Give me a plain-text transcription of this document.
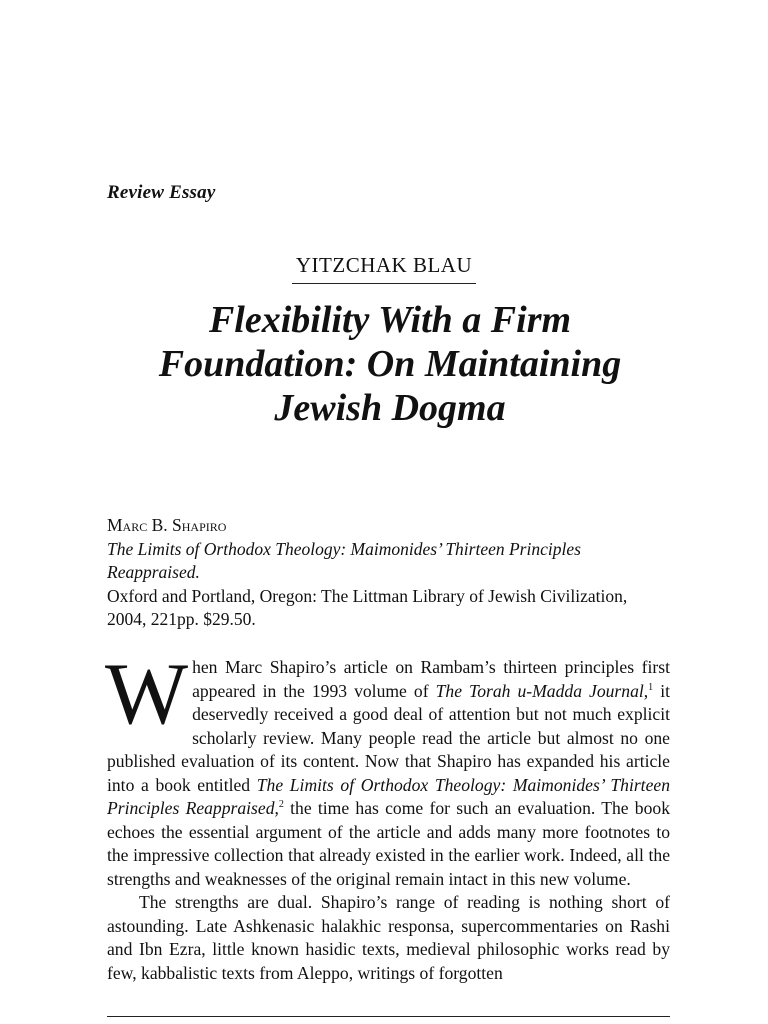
Review Essay
YITZCHAK BLAU
Flexibility With a Firm
Foundation: On Maintaining
Jewish Dogma
Marc B. Shapiro
The Limits of Orthodox Theology: Maimonides’ Thirteen Principles Reappraised.
Oxford and Portland, Oregon: The Littman Library of Jewish Civilization, 2004, 221pp. $29.50.

When Marc Shapiro’s article on Rambam’s thirteen principles first appeared in the 1993 volume of The Torah u-Madda Journal,$^1$ it deservedly received a good deal of attention but not much explicit scholarly review. Many people read the article but almost no one published evaluation of its content. Now that Shapiro has expanded his article into a book entitled The Limits of Orthodox Theology: Maimonides’ Thirteen Principles Reappraised,$^2$ the time has come for such an evaluation. The book echoes the essential argument of the article and adds many more footnotes to the impressive collection that already existed in the earlier work. Indeed, all the strengths and weaknesses of the original remain intact in this new volume.

The strengths are dual. Shapiro’s range of reading is nothing short of astounding. Late Ashkenasic halakhic responsa, supercommentaries on Rashi and Ibn Ezra, little known hasidic texts, medieval philosophic works read by few, kabbalistic texts from Aleppo, writings of forgotten
